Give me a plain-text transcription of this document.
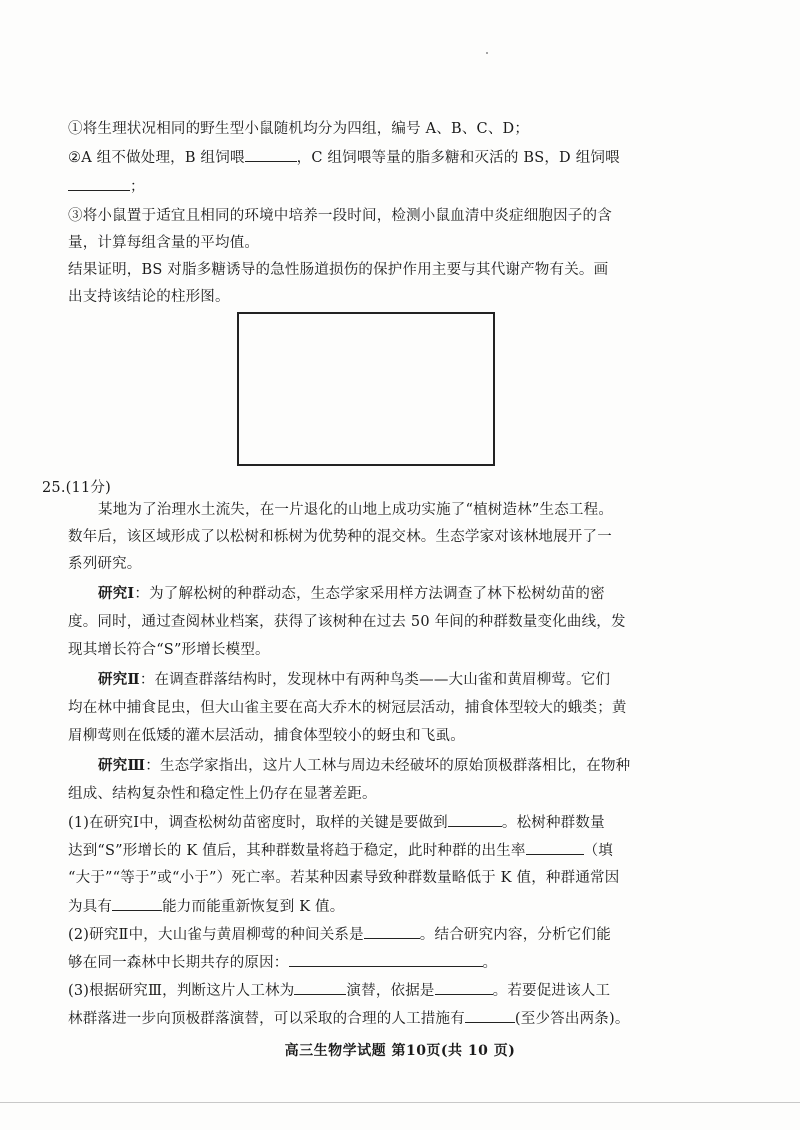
①将生理状况相同的野生型小鼠随机均分为四组，编号 A、B、C、D；
②A 组不做处理，B 组饲喂	，C 组饲喂等量的脂多糖和灭活的 BS，D 组饲喂
；
③将小鼠置于适宜且相同的环境中培养一段时间，检测小鼠血清中炎症细胞因子的含
量，计算每组含量的平均值。
结果证明，BS 对脂多糖诱导的急性肠道损伤的保护作用主要与其代谢产物有关。画
出支持该结论的柱形图。
25.(11分)
某地为了治理水土流失，在一片退化的山地上成功实施了“植树造林”生态工程。
数年后，该区域形成了以松树和栎树为优势种的混交林。生态学家对该林地展开了一
系列研究。
研究Ⅰ：为了解松树的种群动态，生态学家采用样方法调查了林下松树幼苗的密
度。同时，通过查阅林业档案，获得了该树种在过去 50 年间的种群数量变化曲线，发
现其增长符合“S”形增长模型。
研究Ⅱ：在调查群落结构时，发现林中有两种鸟类——大山雀和黄眉柳莺。它们
均在林中捕食昆虫，但大山雀主要在高大乔木的树冠层活动，捕食体型较大的蛾类；黄
眉柳莺则在低矮的灌木层活动，捕食体型较小的蚜虫和飞虱。
研究Ⅲ：生态学家指出，这片人工林与周边未经破坏的原始顶极群落相比，在物种
组成、结构复杂性和稳定性上仍存在显著差距。
(1)在研究Ⅰ中，调查松树幼苗密度时，取样的关键是要做到	。松树种群数量
达到“S”形增长的 K 值后，其种群数量将趋于稳定，此时种群的出生率	（填
“大于”“等于”或“小于”）死亡率。若某种因素导致种群数量略低于 K 值，种群通常因
为具有	能力而能重新恢复到 K 值。
(2)研究Ⅱ中，大山雀与黄眉柳莺的种间关系是	。结合研究内容，分析它们能
够在同一森林中长期共存的原因：	。
(3)根据研究Ⅲ，判断这片人工林为	演替，依据是	。若要促进该人工
高三生物学试题 第10页(共 10 页)
林群落进一步向顶极群落演替，可以采取的合理的人工措施有	(至少答出两条)。
